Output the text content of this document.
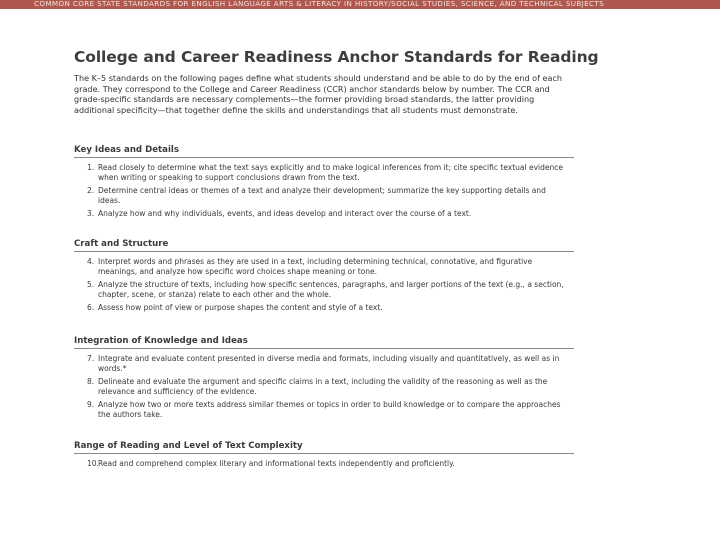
COMMON CORE STATE STANDARDS FOR ENGLISH LANGUAGE ARTS & LITERACY IN HISTORY/SOCIAL STUDIES, SCIENCE, AND TECHNICAL SUBJECTS
College and Career Readiness Anchor Standards for Reading

The K–5 standards on the following pages define what students should understand and be able to do by the end of each grade. They correspond to the College and Career Readiness (CCR) anchor standards below by number. The CCR and grade-specific standards are necessary complements—the former providing broad standards, the latter providing additional specificity—that together define the skills and understandings that all students must demonstrate.

Key Ideas and Details
1. Read closely to determine what the text says explicitly and to make logical inferences from it; cite specific textual evidence when writing or speaking to support conclusions drawn from the text.
2. Determine central ideas or themes of a text and analyze their development; summarize the key supporting details and ideas.
3. Analyze how and why individuals, events, and ideas develop and interact over the course of a text.
Craft and Structure
4. Interpret words and phrases as they are used in a text, including determining technical, connotative, and figurative meanings, and analyze how specific word choices shape meaning or tone.
5. Analyze the structure of texts, including how specific sentences, paragraphs, and larger portions of the text (e.g., a section, chapter, scene, or stanza) relate to each other and the whole.
6. Assess how point of view or purpose shapes the content and style of a text.
Integration of Knowledge and Ideas
7. Integrate and evaluate content presented in diverse media and formats, including visually and quantitatively, as well as in words.*
8. Delineate and evaluate the argument and specific claims in a text, including the validity of the reasoning as well as the relevance and sufficiency of the evidence.
9. Analyze how two or more texts address similar themes or topics in order to build knowledge or to compare the approaches the authors take.
Range of Reading and Level of Text Complexity
10. Read and comprehend complex literary and informational texts independently and proficiently.
